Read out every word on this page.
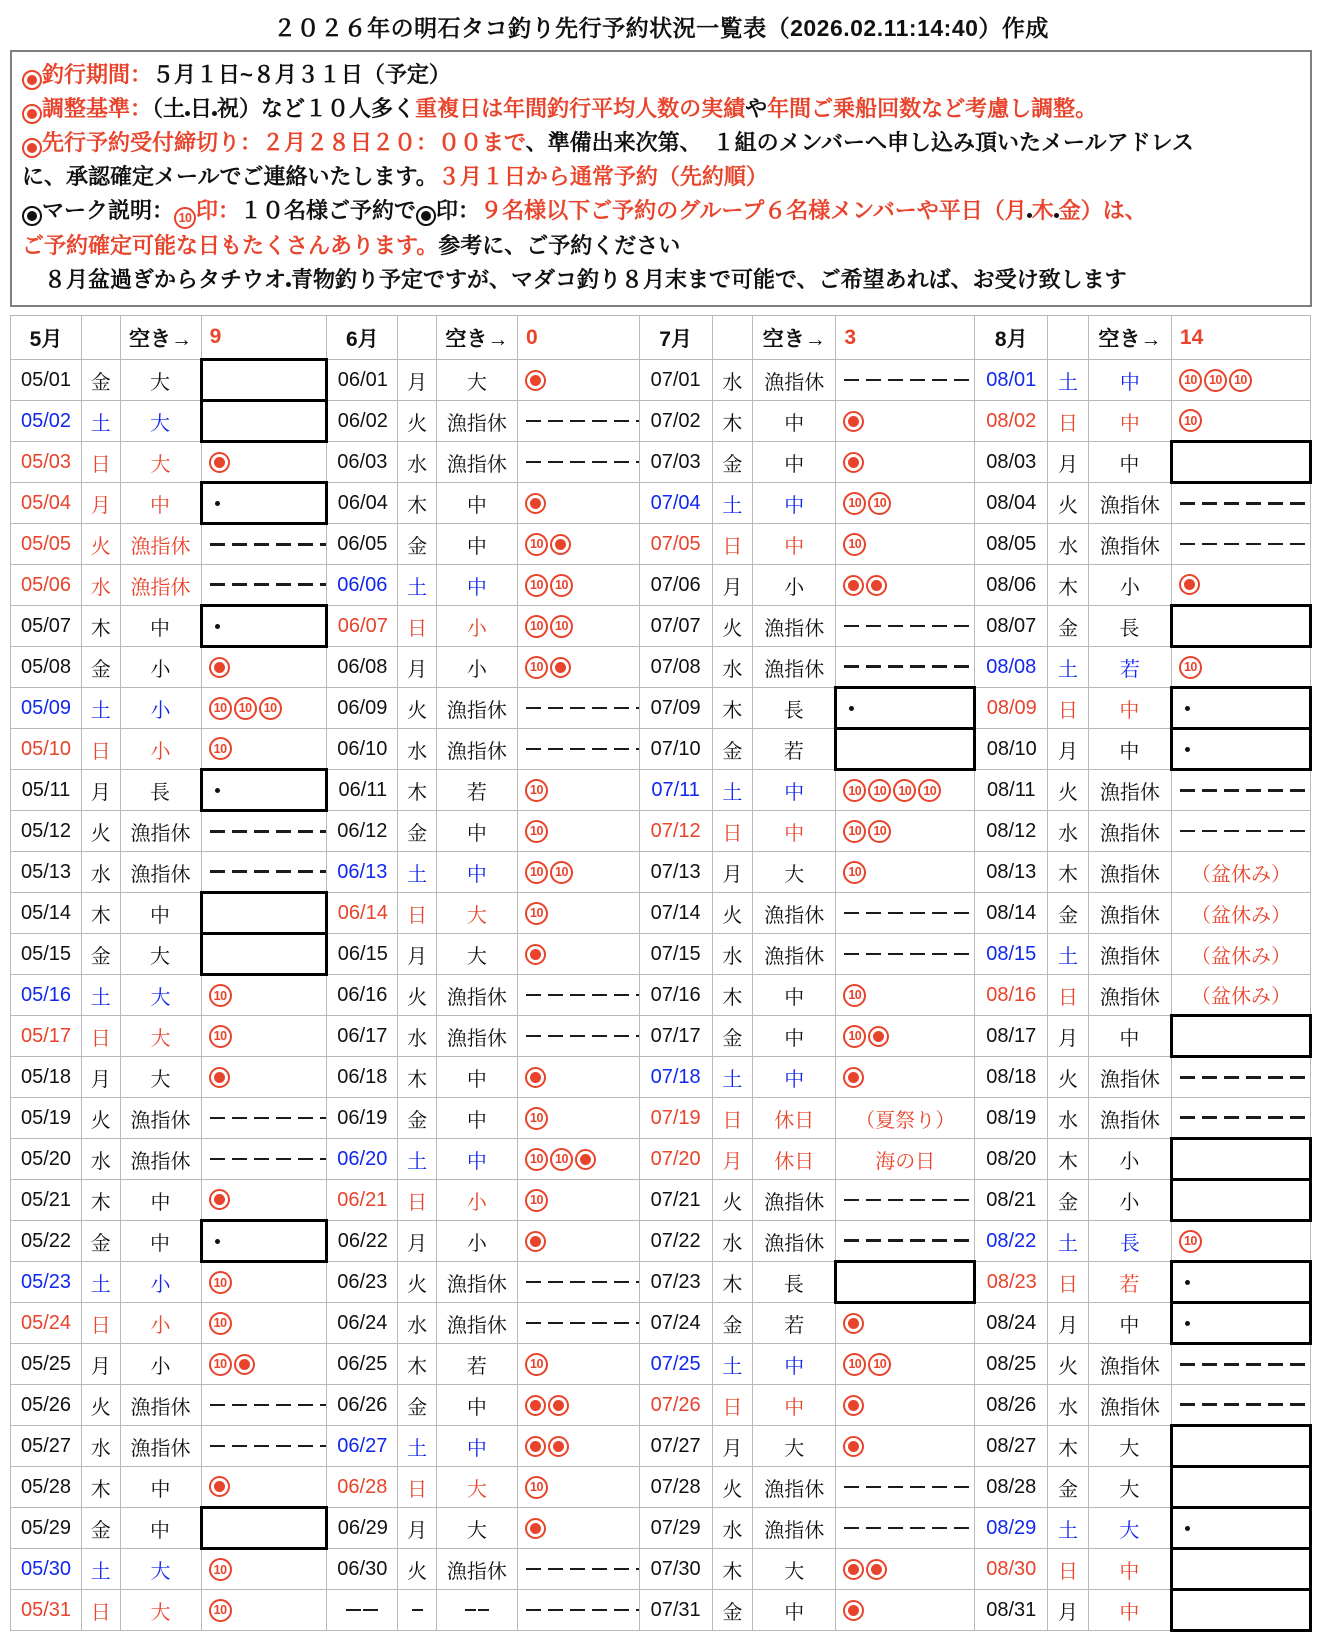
２０２６年の明石タコ釣り先行予約状況一覧表（2026.02.11:14:40）作成
釣行期間：５月１日~８月３１日（予定）
調整基準：（土 日 祝）など１０人多く重複日は年間釣行平均人数の実績や年間ご乗船回数など考慮し調整。
先行予約受付締切り：２月２８日２０：００まで、準備出来次第、　１組のメンバーへ申し込み頂いたメールアドレス
に、承認確定メールでご連絡いたします。３月１日から通常予約（先約順）
マーク説明： 10 印：１０名様ご予約で 印：９名様以下ご予約のグループ６名様メンバーや平日（月 木 金）は、
ご予約確定可能な日もたくさんあります。参考に、ご予約ください
　８月盆過ぎからタチウオ 青物釣り予定ですが、マダコ釣り８月末まで可能で、ご希望あれば、お受け致します
5月		空き→	9	6月		空き→	0	7月		空き→	3	8月		空き→	14
05/01	金	大		06/01	月	大		07/01	水	漁指休		08/01	土	中	10 10 10

05/02	土	大		06/02	火	漁指休		07/02	木	中		08/02	日	中	10

05/03	日	大		06/03	水	漁指休		07/03	金	中		08/03	月	中	
05/04	月	中		06/04	木	中		07/04	土	中	10 10	08/04	火	漁指休	

05/05	火	漁指休		06/05	金	中	10	07/05	日	中	10	08/05	水	漁指休	

05/06	水	漁指休		06/06	土	中	10 10	07/06	月	小		08/06	木	小	

05/07	木	中		06/07	日	小	10 10	07/07	火	漁指休		08/07	金	長	
05/08	金	小		06/08	月	小	10	07/08	水	漁指休		08/08	土	若	10

05/09	土	小	10 10 10	06/09	火	漁指休		07/09	木	長		08/09	日	中	

05/10	日	小	10	06/10	水	漁指休		07/10	金	若		08/10	月	中	

05/11	月	長		06/11	木	若	10	07/11	土	中	10 10 10 10	08/11	火	漁指休	

05/12	火	漁指休		06/12	金	中	10	07/12	日	中	10 10	08/12	水	漁指休	

05/13	水	漁指休		06/13	土	中	10 10	07/13	月	大	10	08/13	木	漁指休	（盆休み）

05/14	木	中		06/14	日	大	10	07/14	火	漁指休		08/14	金	漁指休	（盆休み）

05/15	金	大		06/15	月	大		07/15	水	漁指休		08/15	土	漁指休	（盆休み）

05/16	土	大	10	06/16	火	漁指休		07/16	木	中	10	08/16	日	漁指休	（盆休み）

05/17	日	大	10	06/17	水	漁指休		07/17	金	中	10	08/17	月	中	
05/18	月	大		06/18	木	中		07/18	土	中		08/18	火	漁指休	

05/19	火	漁指休		06/19	金	中	10	07/19	日	休日	（夏祭り）	08/19	水	漁指休	

05/20	水	漁指休		06/20	土	中	10 10	07/20	月	休日	海の日	08/20	木	小	
05/21	木	中		06/21	日	小	10	07/21	火	漁指休		08/21	金	小	
05/22	金	中		06/22	月	小		07/22	水	漁指休		08/22	土	長	10

05/23	土	小	10	06/23	火	漁指休		07/23	木	長		08/23	日	若	

05/24	日	小	10	06/24	水	漁指休		07/24	金	若		08/24	月	中	

05/25	月	小	10	06/25	木	若	10	07/25	土	中	10 10	08/25	火	漁指休	

05/26	火	漁指休		06/26	金	中		07/26	日	中		08/26	水	漁指休	

05/27	水	漁指休		06/27	土	中		07/27	月	大		08/27	木	大	
05/28	木	中		06/28	日	大	10	07/28	火	漁指休		08/28	金	大	
05/29	金	中		06/29	月	大		07/29	水	漁指休		08/29	土	大	

05/30	土	大	10	06/30	火	漁指休		07/30	木	大		08/30	日	中	
05/31	日	大	10					07/31	金	中		08/31	月	中	
